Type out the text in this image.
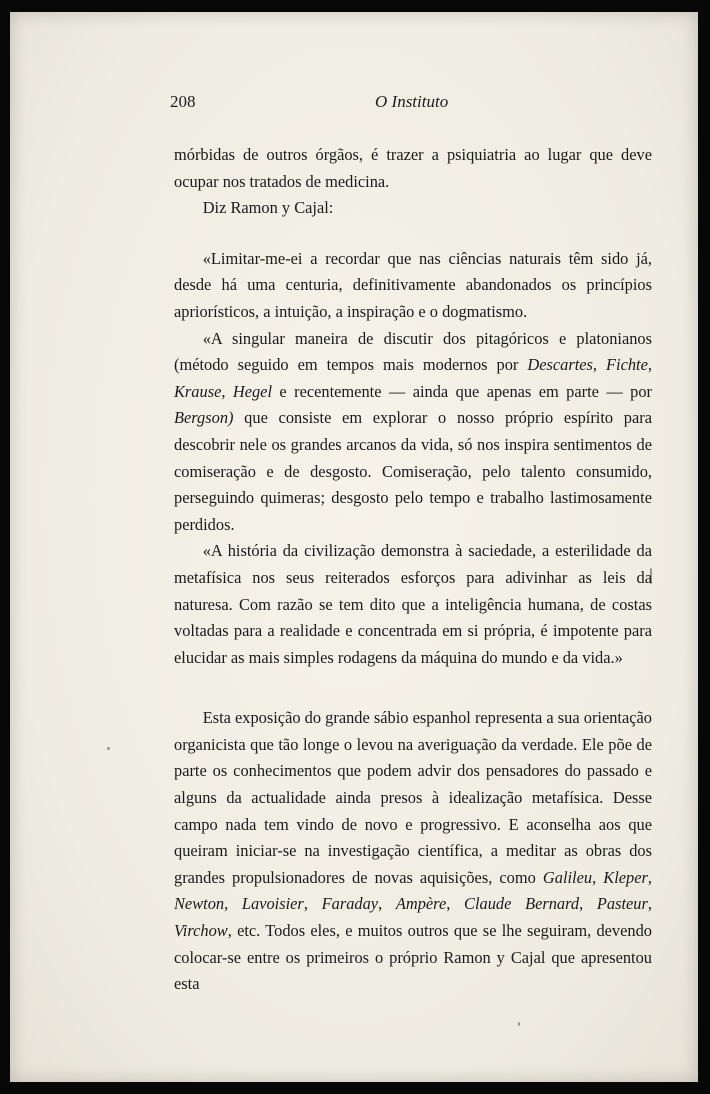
208	O Instituto

mórbidas de outros órgãos, é trazer a psiquiatria ao lugar que deve ocupar nos tratados de medicina.

Diz Ramon y Cajal:

«Limitar-me-ei a recordar que nas ciências naturais têm sido já, desde há uma centuria, definitivamente abandonados os princípios apriorísticos, a intuição, a inspiração e o dogmatismo.

«A singular maneira de discutir dos pitagóricos e platonianos (método seguido em tempos mais modernos por Descartes, Fichte, Krause, Hegel e recentemente — ainda que apenas em parte — por Bergson) que consiste em explorar o nosso próprio espírito para descobrir nele os grandes arcanos da vida, só nos inspira sentimentos de comiseração e de desgosto. Comiseração, pelo talento consumido, perseguindo quimeras; desgosto pelo tempo e trabalho lastimosamente perdidos.

«A história da civilização demonstra à saciedade, a esterilidade da metafísica nos seus reiterados esforços para adivinhar as leis da naturesa. Com razão se tem dito que a inteligência humana, de costas voltadas para a realidade e concentrada em si própria, é impotente para elucidar as mais simples rodagens da máquina do mundo e da vida.»

Esta exposição do grande sábio espanhol representa a sua orientação organicista que tão longe o levou na averiguação da verdade. Ele põe de parte os conhecimentos que podem advir dos pensadores do passado e alguns da actualidade ainda presos à idealização metafísica. Desse campo nada tem vindo de novo e progressivo. E aconselha aos que queiram iniciar-se na investigação científica, a meditar as obras dos grandes propulsionadores de novas aquisições, como Galileu, Kleper, Newton, Lavoisier, Faraday, Ampère, Claude Bernard, Pasteur, Virchow, etc. Todos eles, e muitos outros que se lhe seguiram, devendo colocar-se entre os primeiros o próprio Ramon y Cajal que apresentou esta
